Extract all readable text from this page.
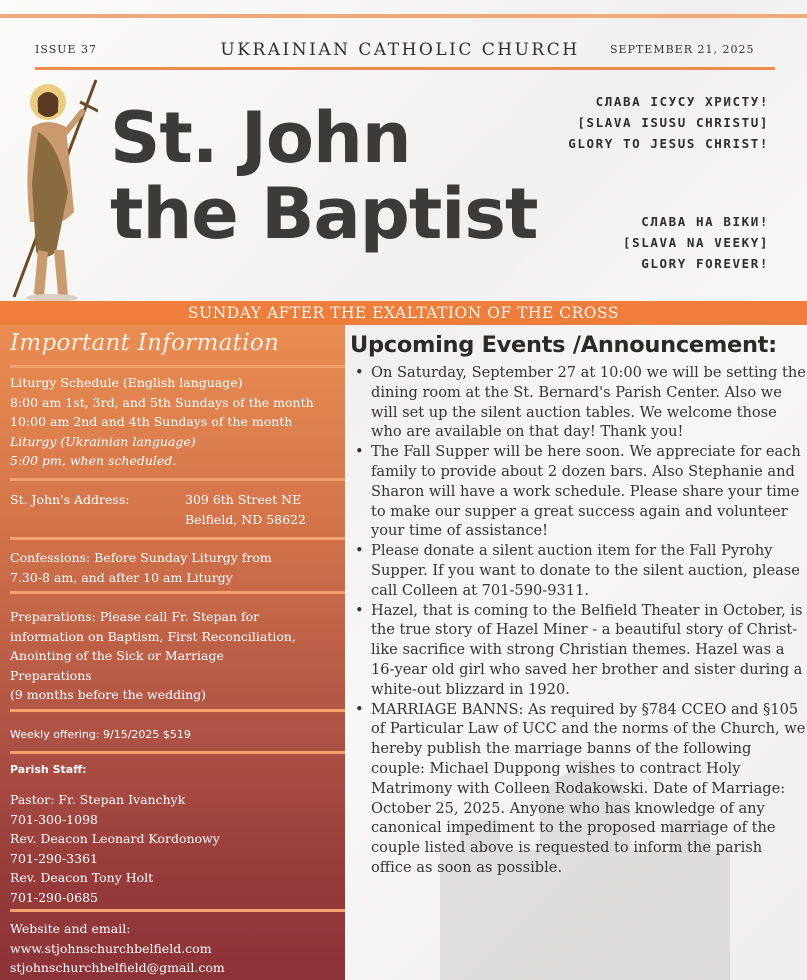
ISSUE 37	UKRAINIAN CATHOLIC CHURCH	SEPTEMBER 21, 2025
St. John
the Baptist
СЛАВА ІСУСУ ХРИСТУ!
[SLAVA ISUSU CHRISTU]
GLORY TO JESUS CHRIST!
СЛАВА НА ВІКИ!
[SLAVA NA VEEKY]
GLORY FOREVER!
SUNDAY AFTER THE EXALTATION OF THE CROSS
Important Information
Liturgy Schedule (English language)
8:00 am 1st, 3rd, and 5th Sundays of the month
10:00 am 2nd and 4th Sundays of the month
Liturgy (Ukrainian language)
5:00 pm, when scheduled.
St. John's Address:	309 6th Street NE
Belfield, ND 58622
Confessions: Before Sunday Liturgy from
7.30-8 am, and after 10 am Liturgy
Preparations: Please call Fr. Stepan for
information on Baptism, First Reconciliation,
Anointing of the Sick or Marriage
Preparations
(9 months before the wedding)
Weekly offering: 9/15/2025 $519
Parish Staff:
Pastor: Fr. Stepan Ivanchyk
701-300-1098
Rev. Deacon Leonard Kordonowy
701-290-3361
Rev. Deacon Tony Holt
701-290-0685
Website and email:
www.stjohnschurchbelfield.com
stjohnschurchbelfield@gmail.com
Upcoming Events /Announcement:
• On Saturday, September 27 at 10:00 we will be setting the dining room at the St. Bernard's Parish Center. Also we will set up the silent auction tables. We welcome those who are available on that day! Thank you!
• The Fall Supper will be here soon. We appreciate for each family to provide about 2 dozen bars. Also Stephanie and Sharon will have a work schedule. Please share your time to make our supper a great success again and volunteer your time of assistance!
• Please donate a silent auction item for the Fall Pyrohy Supper. If you want to donate to the silent auction, please call Colleen at 701-590-9311.
• Hazel, that is coming to the Belfield Theater in October, is the true story of Hazel Miner - a beautiful story of Christ-like sacrifice with strong Christian themes. Hazel was a 16-year old girl who saved her brother and sister during a white-out blizzard in 1920.
• MARRIAGE BANNS: As required by §784 CCEO and §105 of Particular Law of UCC and the norms of the Church, we hereby publish the marriage banns of the following couple: Michael Duppong wishes to contract Holy Matrimony with Colleen Rodakowski. Date of Marriage: October 25, 2025. Anyone who has knowledge of any canonical impediment to the proposed marriage of the couple listed above is requested to inform the parish office as soon as possible.
